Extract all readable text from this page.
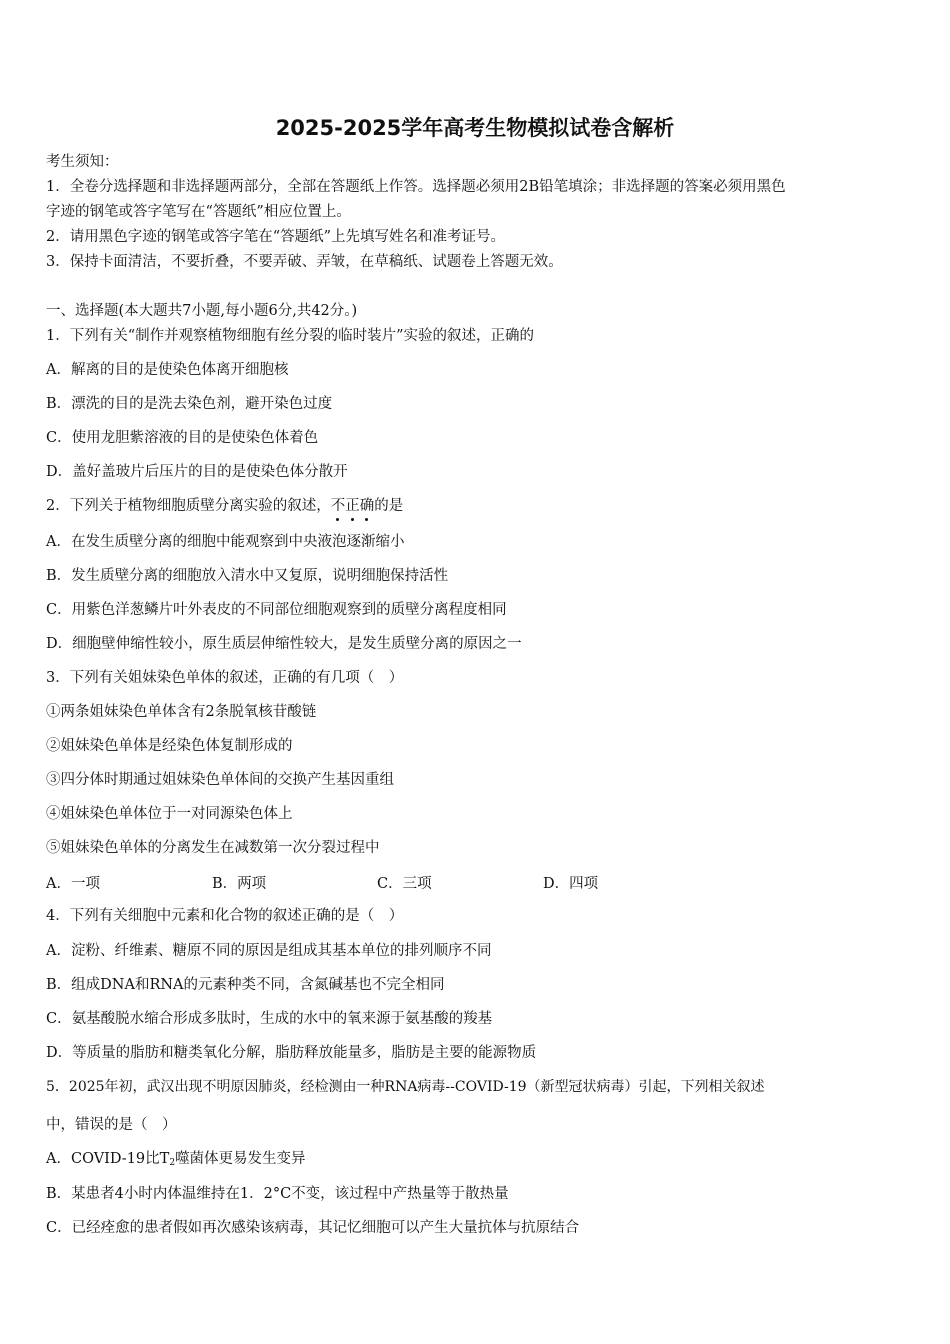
2025-2025学年高考生物模拟试卷含解析
考生须知：
1．全卷分选择题和非选择题两部分，全部在答题纸上作答。选择题必须用2B铅笔填涂；非选择题的答案必须用黑色
字迹的钢笔或答字笔写在“答题纸”相应位置上。
2．请用黑色字迹的钢笔或答字笔在“答题纸”上先填写姓名和准考证号。
3．保持卡面清洁，不要折叠，不要弄破、弄皱，在草稿纸、试题卷上答题无效。
一、选择题(本大题共7小题,每小题6分,共42分。)
1．下列有关“制作并观察植物细胞有丝分裂的临时装片”实验的叙述，正确的
A．解离的目的是使染色体离开细胞核
B．漂洗的目的是洗去染色剂，避开染色过度
C．使用龙胆紫溶液的目的是使染色体着色
D．盖好盖玻片后压片的目的是使染色体分散开
2．下列关于植物细胞质壁分离实验的叙述，不正确的是
A．在发生质壁分离的细胞中能观察到中央液泡逐渐缩小
B．发生质壁分离的细胞放入清水中又复原，说明细胞保持活性
C．用紫色洋葱鳞片叶外表皮的不同部位细胞观察到的质壁分离程度相同
D．细胞壁伸缩性较小，原生质层伸缩性较大，是发生质壁分离的原因之一
3．下列有关姐妹染色单体的叙述，正确的有几项（　）
①两条姐妹染色单体含有2条脱氧核苷酸链
②姐妹染色单体是经染色体复制形成的
③四分体时期通过姐妹染色单体间的交换产生基因重组
④姐妹染色单体位于一对同源染色体上
⑤姐妹染色单体的分离发生在减数第一次分裂过程中
A．一项	B．两项	C．三项	D．四项
4．下列有关细胞中元素和化合物的叙述正确的是（　）
A．淀粉、纤维素、糖原不同的原因是组成其基本单位的排列顺序不同
B．组成DNA和RNA的元素种类不同，含氮碱基也不完全相同
C．氨基酸脱水缩合形成多肽时，生成的水中的氧来源于氨基酸的羧基
D．等质量的脂肪和糖类氧化分解，脂肪释放能量多，脂肪是主要的能源物质
5．2025年初，武汉出现不明原因肺炎，经检测由一种RNA病毒--COVID-19（新型冠状病毒）引起，下列相关叙述
中，错误的是（　）
A．COVID-19比$T_2$噬菌体更易发生变异
B．某患者4小时内体温维持在1．2°C不变，该过程中产热量等于散热量
C．已经痊愈的患者假如再次感染该病毒，其记忆细胞可以产生大量抗体与抗原结合
